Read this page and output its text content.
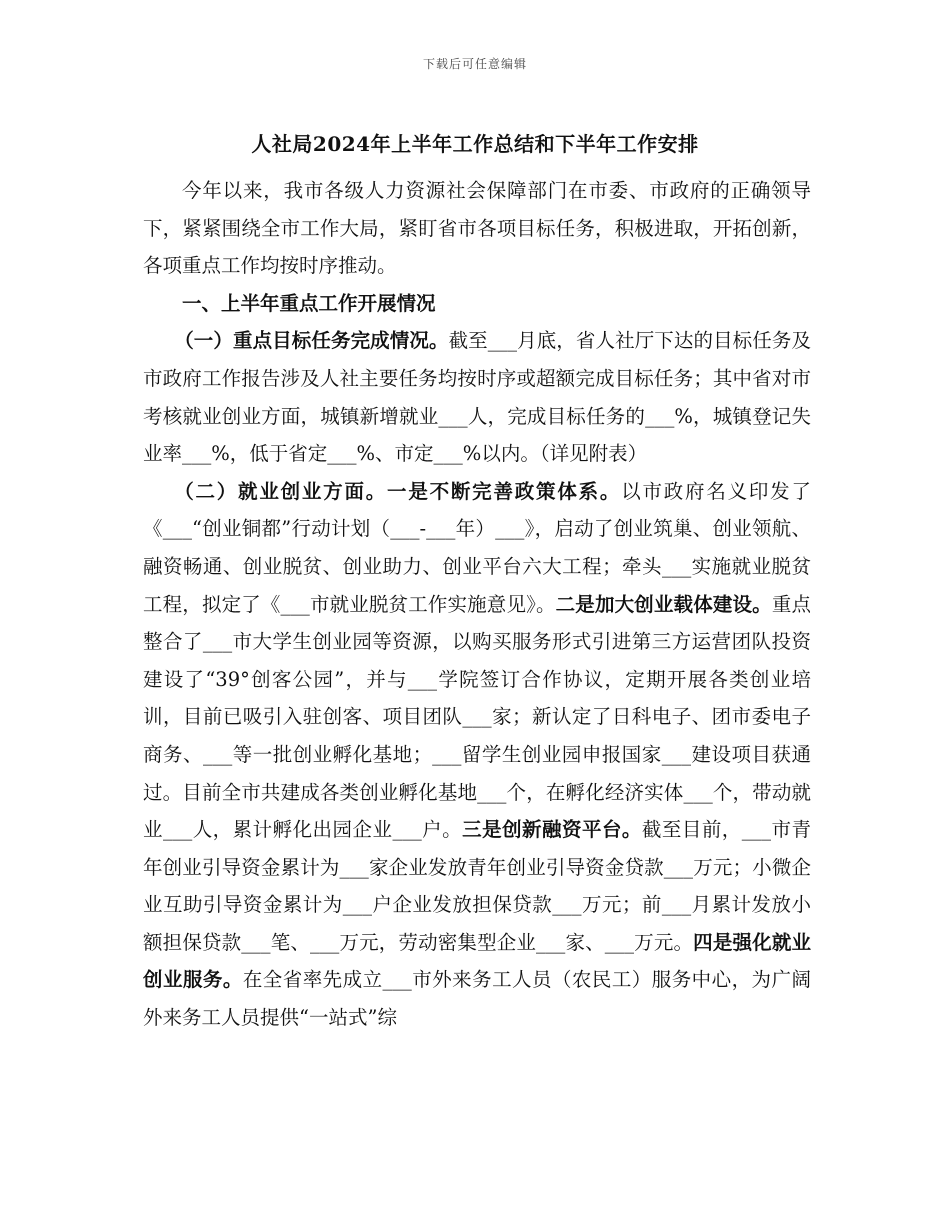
下载后可任意编辑
人社局2024年上半年工作总结和下半年工作安排

今年以来，我市各级人力资源社会保障部门在市委、市政府的正确领导下，紧紧围绕全市工作大局，紧盯省市各项目标任务，积极进取，开拓创新，各项重点工作均按时序推动。

一、上半年重点工作开展情况

（一）重点目标任务完成情况。截至___月底，省人社厅下达的目标任务及市政府工作报告涉及人社主要任务均按时序或超额完成目标任务；其中省对市考核就业创业方面，城镇新增就业___人，完成目标任务的___%，城镇登记失业率___%，低于省定___%、市定___%以内。（详见附表）

（二）就业创业方面。一是不断完善政策体系。以市政府名义印发了《___“创业铜都”行动计划（___-___年）___》，启动了创业筑巢、创业领航、融资畅通、创业脱贫、创业助力、创业平台六大工程；牵头___实施就业脱贫工程，拟定了《___市就业脱贫工作实施意见》。二是加大创业载体建设。重点整合了___市大学生创业园等资源，以购买服务形式引进第三方运营团队投资建设了“39°创客公园”，并与___学院签订合作协议，定期开展各类创业培训，目前已吸引入驻创客、项目团队___家；新认定了日科电子、团市委电子商务、___等一批创业孵化基地；___留学生创业园申报国家___建设项目获通过。目前全市共建成各类创业孵化基地___个，在孵化经济实体___个，带动就业___人，累计孵化出园企业___户。三是创新融资平台。截至目前，___市青年创业引导资金累计为___家企业发放青年创业引导资金贷款___万元；小微企业互助引导资金累计为___户企业发放担保贷款___万元；前___月累计发放小额担保贷款___笔、___万元，劳动密集型企业___家、___万元。四是强化就业创业服务。在全省率先成立___市外来务工人员（农民工）服务中心，为广阔外来务工人员提供“一站式”综
